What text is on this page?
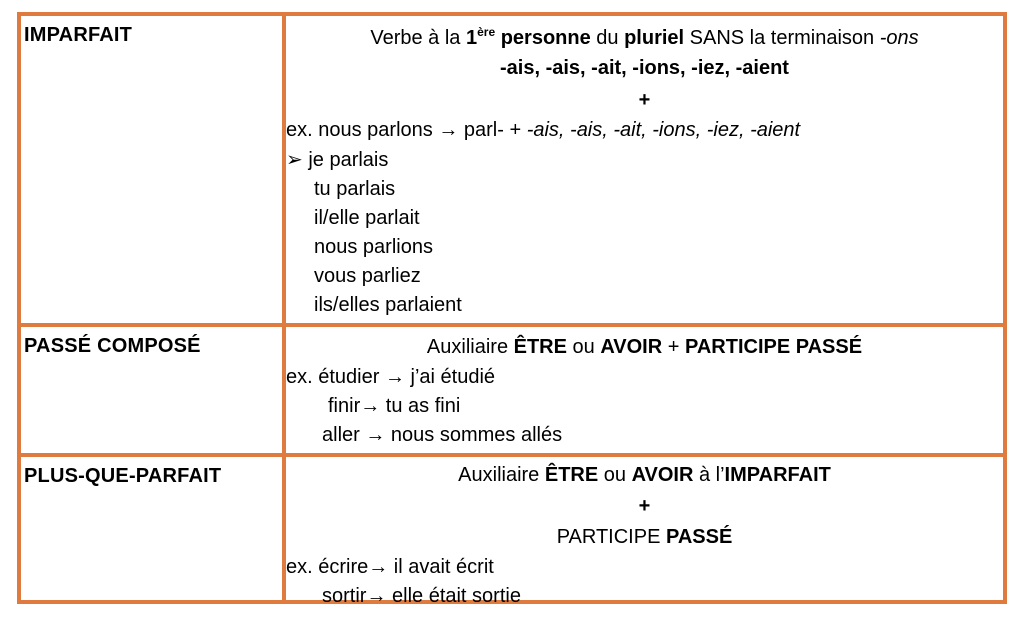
IMPARFAIT	Verbe à la 1ère personne du pluriel SANS la terminaison -ons
-ais, -ais, -ait, -ions, -iez, -aient
+
ex. nous parlons → parl- + -ais, -ais, -ait, -ions, -iez, -aient
➢ je parlais
tu parlais
il/elle parlait
nous parlions
vous parliez
ils/elles parlaient
PASSÉ COMPOSÉ	Auxiliaire ÊTRE ou AVOIR + PARTICIPE PASSÉ
ex. étudier → j’ai étudié
finir→ tu as fini
aller → nous sommes allés
PLUS-QUE-PARFAIT	Auxiliaire ÊTRE ou AVOIR à l’IMPARFAIT
+
PARTICIPE PASSÉ
ex. écrire→ il avait écrit
sortir→ elle était sortie
